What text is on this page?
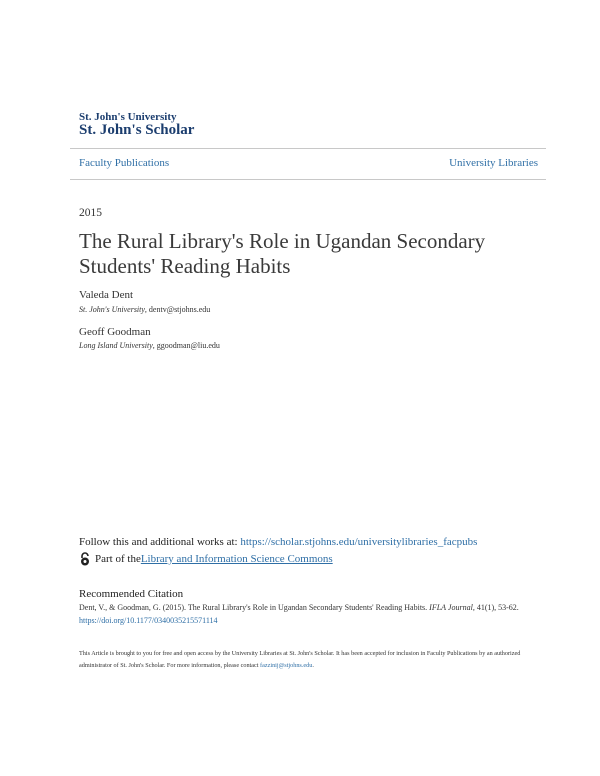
St. John's University
St. John's Scholar
Faculty Publications	University Libraries
2015
The Rural Library's Role in Ugandan Secondary Students' Reading Habits
Valeda Dent
St. John's University, dentv@stjohns.edu
Geoff Goodman
Long Island University, ggoodman@liu.edu
Follow this and additional works at: https://scholar.stjohns.edu/universitylibraries_facpubs
Part of the Library and Information Science Commons
Recommended Citation
Dent, V., & Goodman, G. (2015). The Rural Library's Role in Ugandan Secondary Students' Reading Habits. IFLA Journal, 41(1), 53-62. https://doi.org/10.1177/0340035215571114
This Article is brought to you for free and open access by the University Libraries at St. John's Scholar. It has been accepted for inclusion in Faculty Publications by an authorized administrator of St. John's Scholar. For more information, please contact fazzinij@stjohns.edu.
